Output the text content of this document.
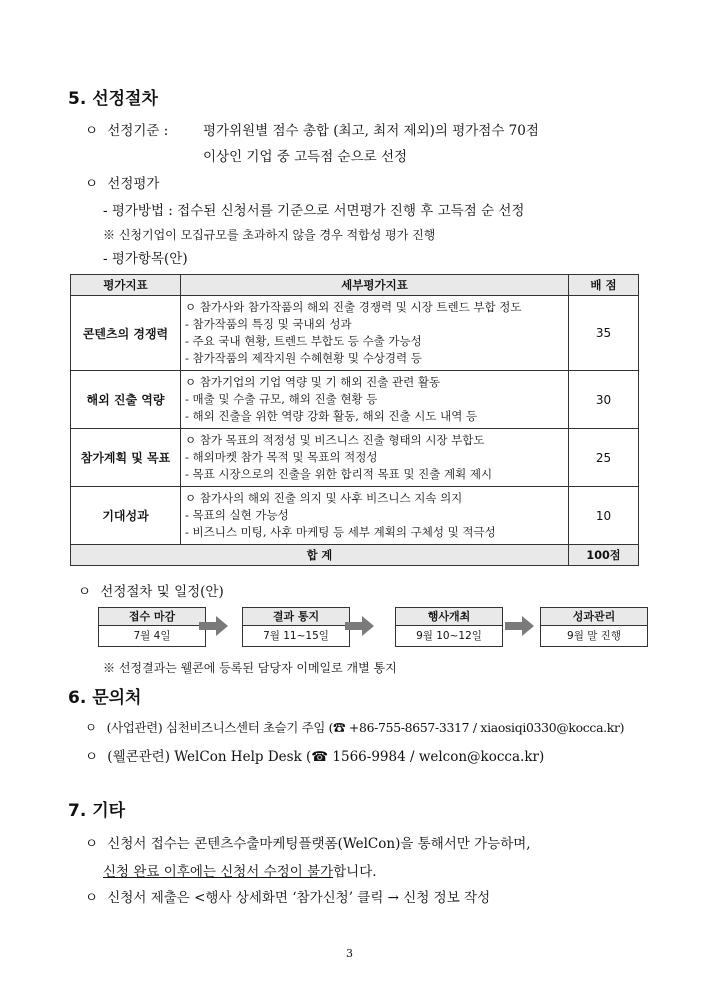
5. 선정절차
ㅇ 선정기준 :	평가위원별 점수 총합 (최고, 최저 제외)의 평가점수 70점
이상인 기업 중 고득점 순으로 선정
ㅇ 선정평가
- 평가방법 : 접수된 신청서를 기준으로 서면평가 진행 후 고득점 순 선정
※ 신청기업이 모집규모를 초과하지 않을 경우 적합성 평가 진행
- 평가항목(안)
평가지표	세부평가지표	배 점
콘텐츠의 경쟁력	ㅇ 참가사와 참가작품의 해외 진출 경쟁력 및 시장 트렌드 부합 정도
- 참가작품의 특징 및 국내외 성과
- 주요 국내 현황, 트렌드 부합도 등 수출 가능성
- 참가작품의 제작지원 수혜현황 및 수상경력 등	35
해외 진출 역량	ㅇ 참가기업의 기업 역량 및 기 해외 진출 관련 활동
- 매출 및 수출 규모, 해외 진출 현황 등
- 해외 진출을 위한 역량 강화 활동, 해외 진출 시도 내역 등	30
참가계획 및 목표	ㅇ 참가 목표의 적정성 및 비즈니스 진출 형태의 시장 부합도
- 해외마켓 참가 목적 및 목표의 적정성
- 목표 시장으로의 진출을 위한 합리적 목표 및 진출 계획 제시	25
기대성과	ㅇ 참가사의 해외 진출 의지 및 사후 비즈니스 지속 의지
- 목표의 실현 가능성
- 비즈니스 미팅, 사후 마케팅 등 세부 계획의 구체성 및 적극성	10
합 계		100점
ㅇ 선정절차 및 일정(안)
접수 마감
7월 4일
결과 통지
7월 11~15일
행사개최
9월 10~12일
성과관리
9월 말 진행
※ 선정결과는 웰콘에 등록된 담당자 이메일로 개별 통지
6. 문의처
ㅇ (사업관련) 심천비즈니스센터 초슬기 주임 (☎ +86-755-8657-3317 / xiaosiqi0330@kocca.kr)
ㅇ (웰콘관련) WelCon Help Desk (☎ 1566-9984 / welcon@kocca.kr)
7. 기타
ㅇ 신청서 접수는 콘텐츠수출마케팅플랫폼(WelCon)을 통해서만 가능하며,
신청 완료 이후에는 신청서 수정이 불가합니다.
ㅇ 신청서 제출은 <행사 상세화면 ‘참가신청’ 클릭 → 신청 정보 작성
3
